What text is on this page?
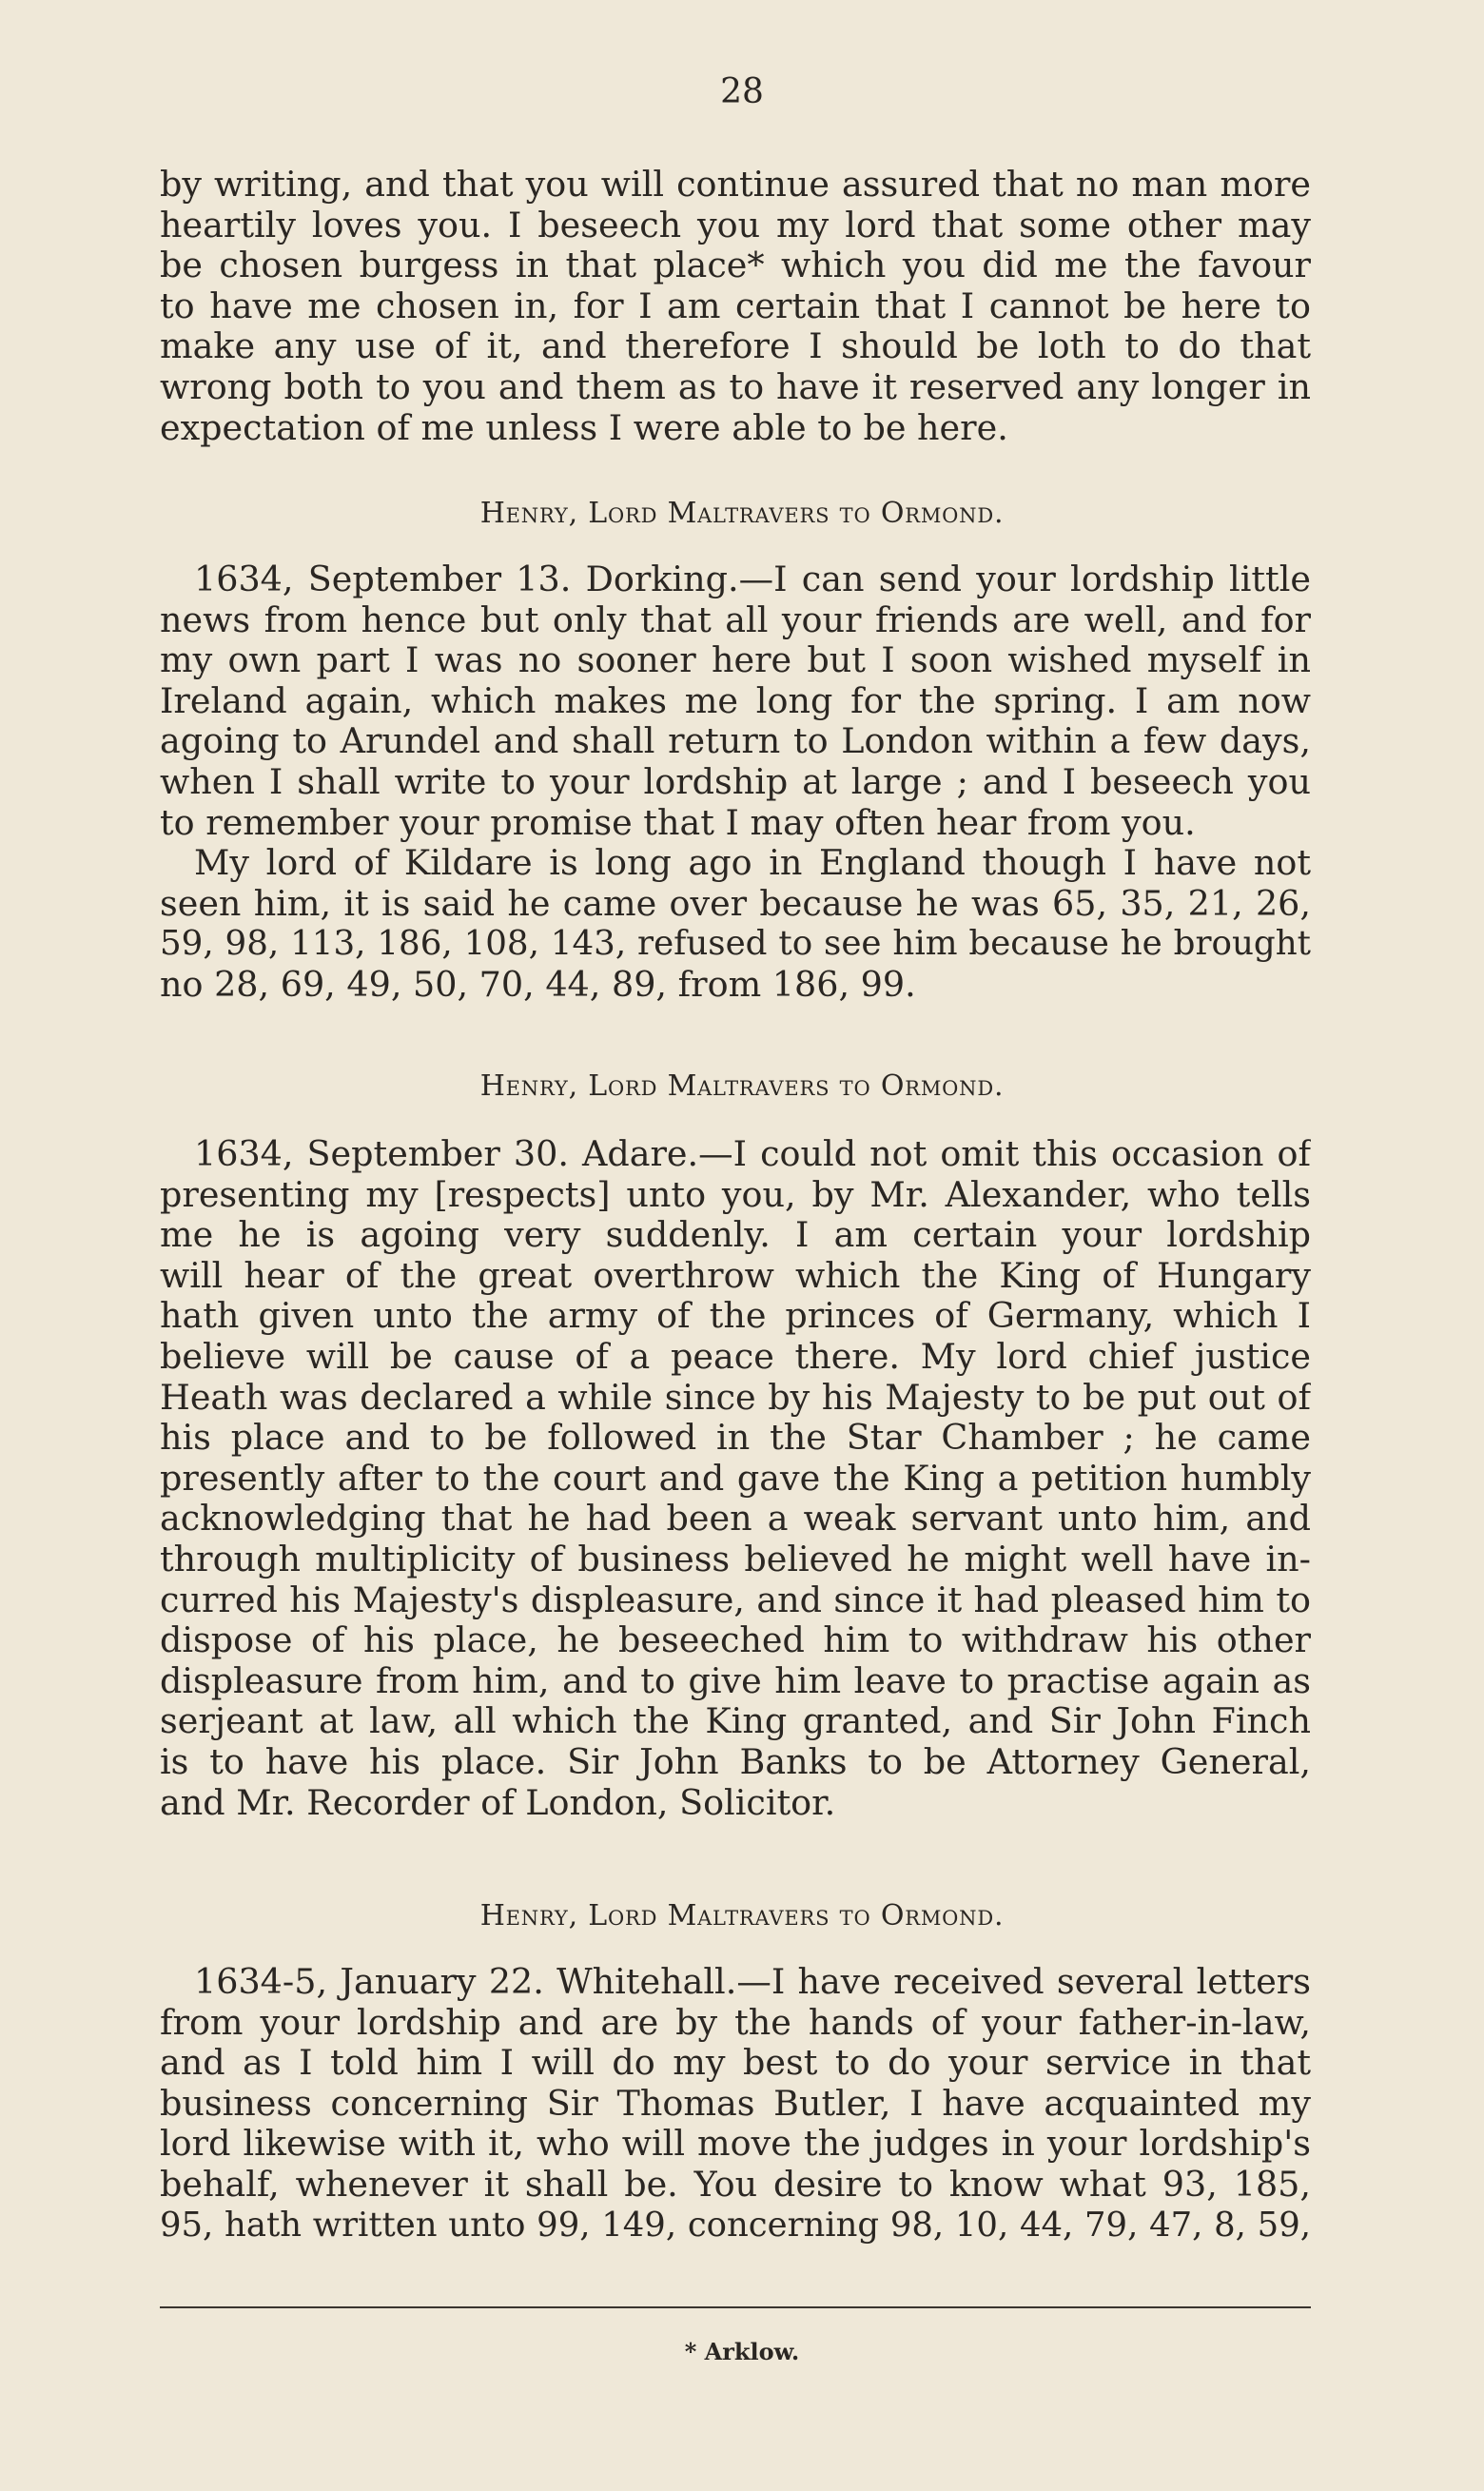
28
by writing, and that you will continue assured that no man more
heartily loves you. I beseech you my lord that some other may
be chosen burgess in that place* which you did me the favour
to have me chosen in, for I am certain that I cannot be here to
make any use of it, and therefore I should be loth to do that
wrong both to you and them as to have it reserved any longer in
expectation of me unless I were able to be here.
Henry, Lord Maltravers to Ormond.
1634, September 13. Dorking.—I can send your lordship little
news from hence but only that all your friends are well, and for
my own part I was no sooner here but I soon wished myself in
Ireland again, which makes me long for the spring. I am now
agoing to Arundel and shall return to London within a few days,
when I shall write to your lordship at large ; and I beseech you
to remember your promise that I may often hear from you.
My lord of Kildare is long ago in England though I have not
seen him, it is said he came over because he was 65, 35, 21, 26,
59, 98, 113, 186, 108, 143, refused to see him because he brought
no 28, 69, 49, 50, 70, 44, 89, from 186, 99.
Henry, Lord Maltravers to Ormond.
1634, September 30. Adare.—I could not omit this occasion of
presenting my [respects] unto you, by Mr. Alexander, who tells
me he is agoing very suddenly. I am certain your lordship
will hear of the great overthrow which the King of Hungary
hath given unto the army of the princes of Germany, which I
believe will be cause of a peace there. My lord chief justice
Heath was declared a while since by his Majesty to be put out of
his place and to be followed in the Star Chamber ; he came
presently after to the court and gave the King a petition humbly
acknowledging that he had been a weak servant unto him, and
through multiplicity of business believed he might well have in-
curred his Majesty's displeasure, and since it had pleased him to
dispose of his place, he beseeched him to withdraw his other
displeasure from him, and to give him leave to practise again as
serjeant at law, all which the King granted, and Sir John Finch
is to have his place. Sir John Banks to be Attorney General,
and Mr. Recorder of London, Solicitor.
Henry, Lord Maltravers to Ormond.
1634-5, January 22. Whitehall.—I have received several letters
from your lordship and are by the hands of your father-in-law,
and as I told him I will do my best to do your service in that
business concerning Sir Thomas Butler, I have acquainted my
lord likewise with it, who will move the judges in your lordship's
behalf, whenever it shall be. You desire to know what 93, 185,
95, hath written unto 99, 149, concerning 98, 10, 44, 79, 47, 8, 59,
* Arklow.
